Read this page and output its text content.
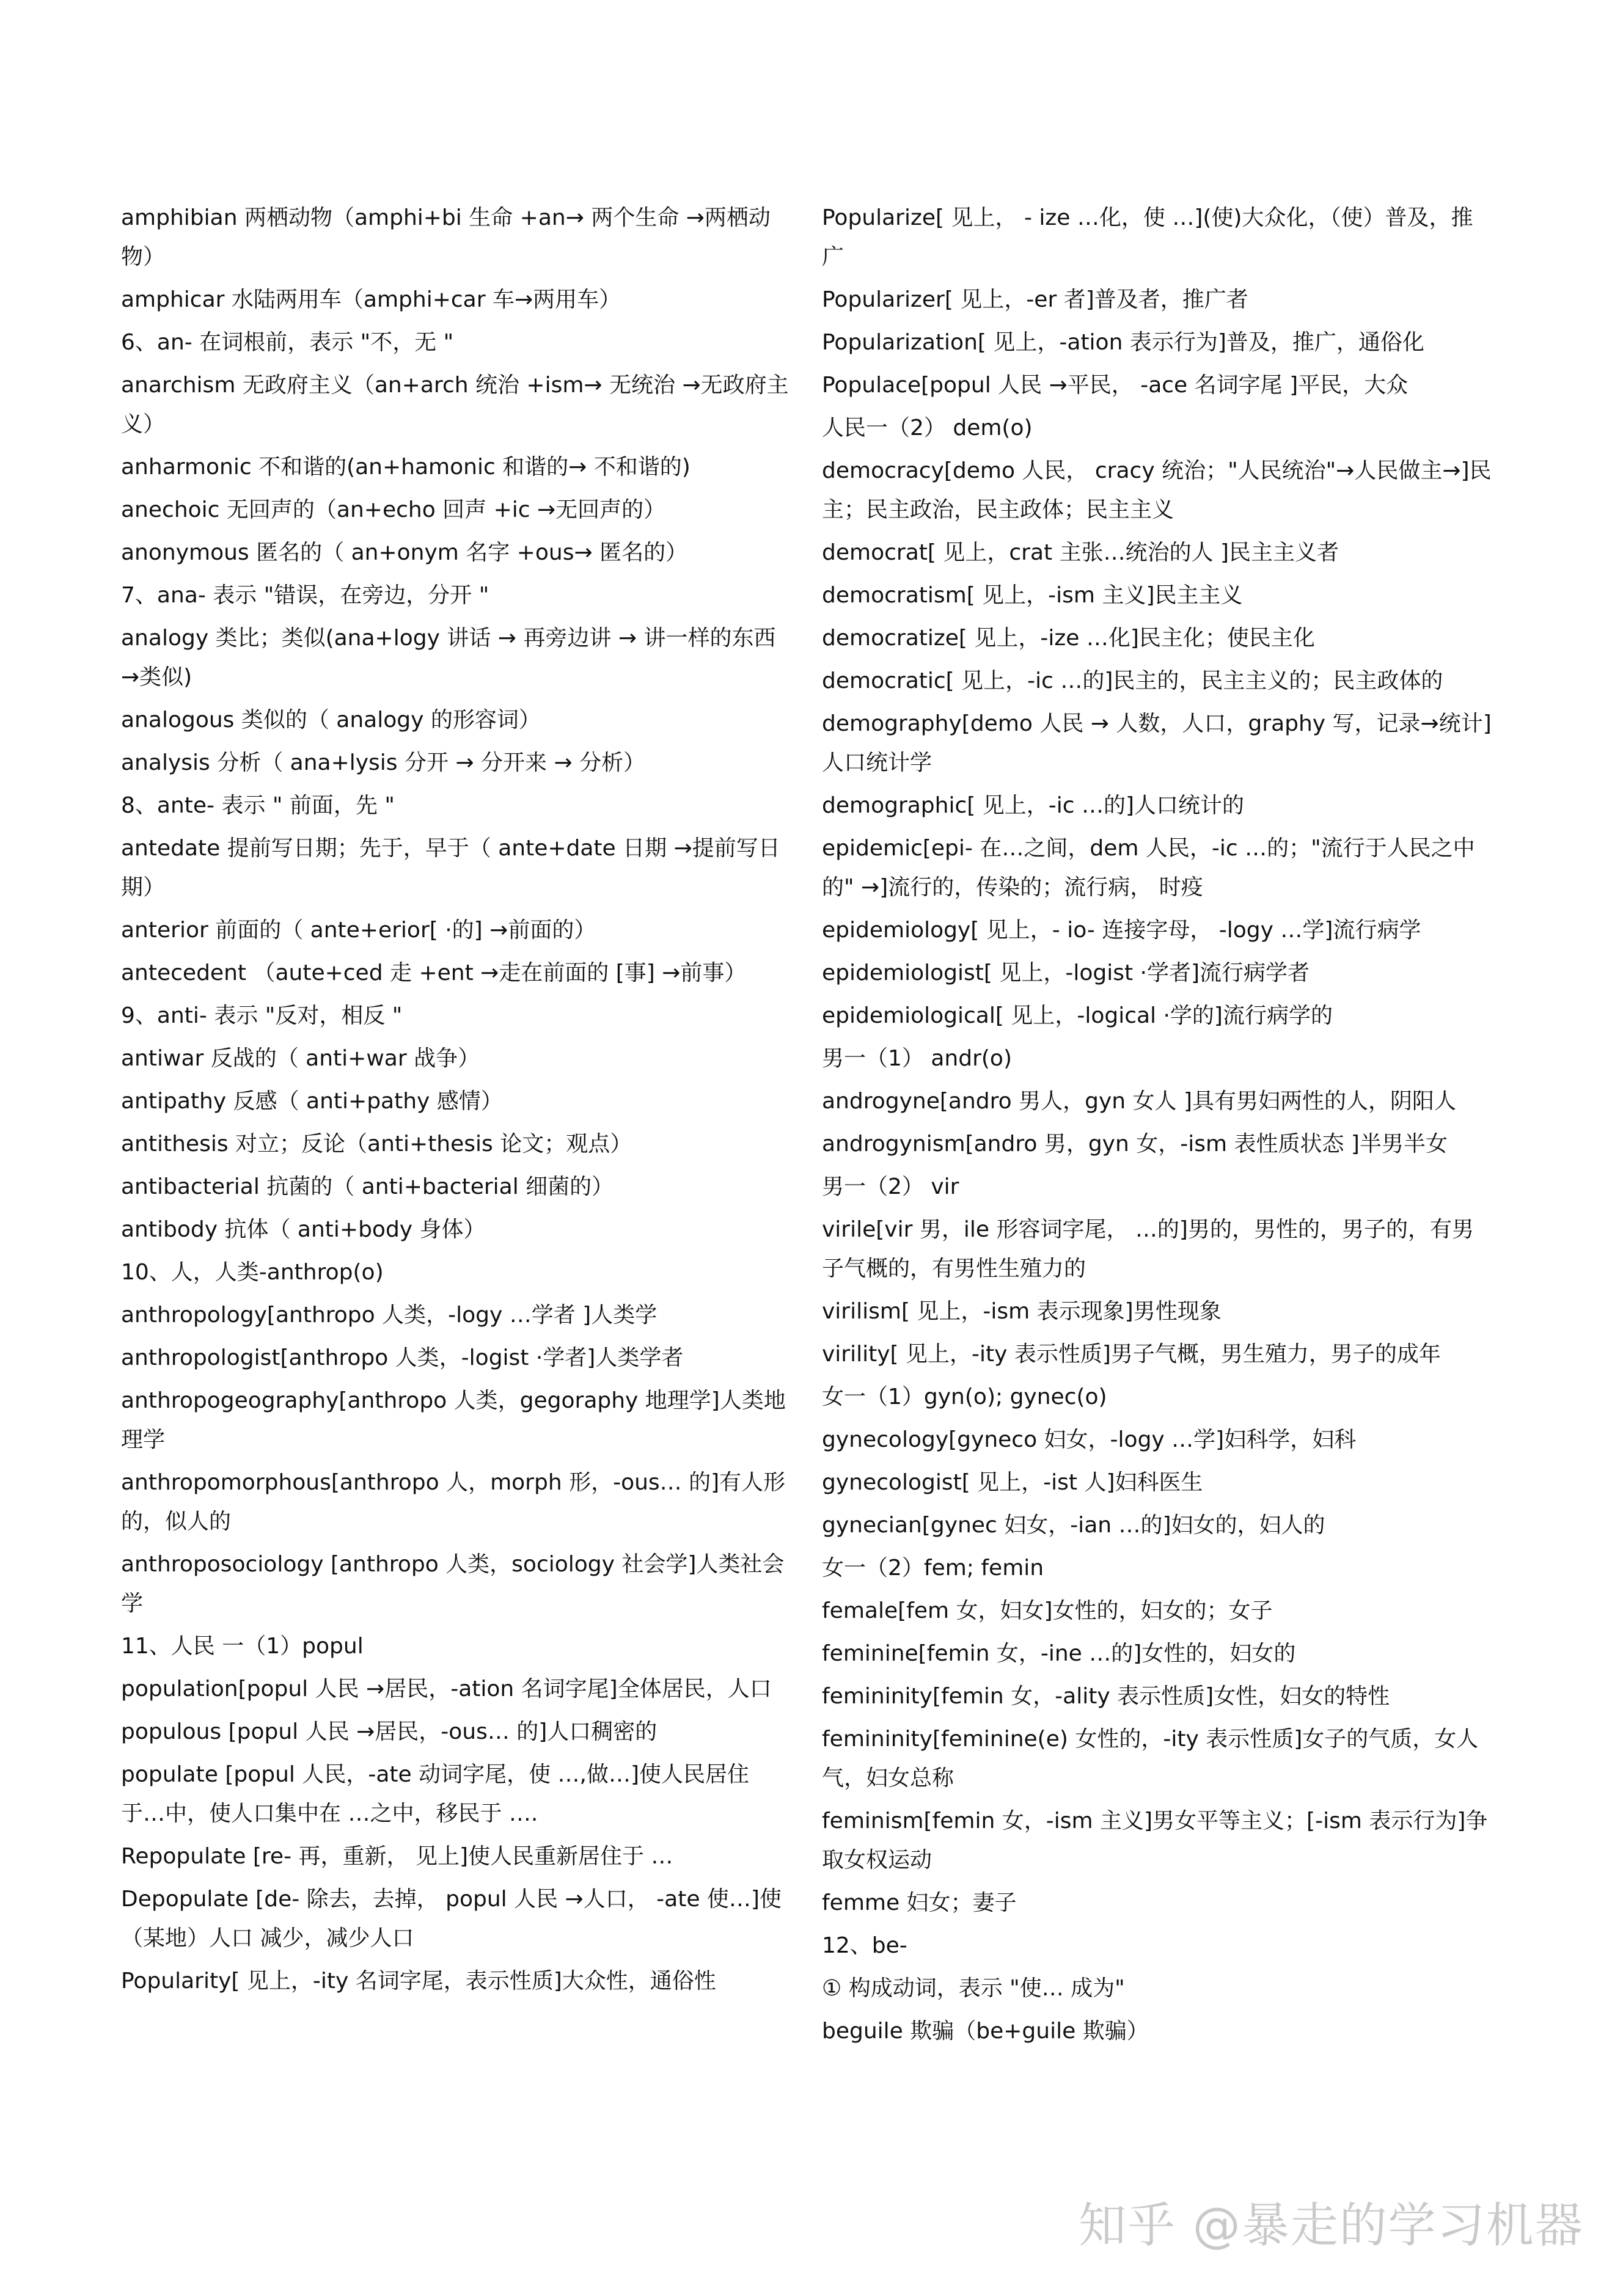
amphibian 两栖动物（amphi+bi 生命 +an→ 两个生命 →两栖动物）
amphicar 水陆两用车（amphi+car 车→两用车）
6、an- 在词根前，表示 "不，无 "
anarchism 无政府主义（an+arch 统治 +ism→ 无统治 →无政府主义）
anharmonic 不和谐的(an+hamonic 和谐的→ 不和谐的)
anechoic 无回声的（an+echo 回声 +ic →无回声的）
anonymous 匿名的（ an+onym 名字 +ous→ 匿名的）
7、ana- 表示 "错误，在旁边，分开 "
analogy 类比；类似(ana+logy 讲话 → 再旁边讲 → 讲一样的东西 →类似)
analogous 类似的（ analogy 的形容词）
analysis 分析（ ana+lysis 分开 → 分开来 → 分析）
8、ante- 表示 " 前面，先 "
antedate 提前写日期；先于，早于（ ante+date 日期 →提前写日期）
anterior 前面的（ ante+erior[ ·的] →前面的）
antecedent （aute+ced 走 +ent →走在前面的 [事] →前事）
9、anti- 表示 "反对，相反 "
antiwar 反战的（ anti+war 战争）
antipathy 反感（ anti+pathy 感情）
antithesis 对立；反论（anti+thesis 论文；观点）
antibacterial 抗菌的（ anti+bacterial 细菌的）
antibody 抗体（ anti+body 身体）
10、人，人类-anthrop(o)
anthropology[anthropo 人类，-logy …学者 ]人类学
anthropologist[anthropo 人类，-logist ·学者]人类学者
anthropogeography[anthropo 人类，gegoraphy 地理学]人类地理学
anthropomorphous[anthropo 人，morph 形，-ous… 的]有人形的，似人的
anthroposociology [anthropo 人类，sociology 社会学]人类社会学
11、人民 一（1）popul
population[popul 人民 →居民，-ation 名词字尾]全体居民，人口
populous [popul 人民 →居民，-ous… 的]人口稠密的
populate [popul 人民，-ate 动词字尾，使 …,做…]使人民居住于…中，使人口集中在 …之中，移民于 ….
Repopulate [re- 再，重新， 见上]使人民重新居住于 …
Depopulate [de- 除去，去掉， popul 人民 →人口， -ate 使…]使（某地）人口 减少，减少人口
Popularity[ 见上，-ity 名词字尾，表示性质]大众性，通俗性
Popularize[ 见上， - ize …化，使 …](使)大众化，（使）普及，推广
Popularizer[ 见上，-er 者]普及者，推广者
Popularization[ 见上，-ation 表示行为]普及，推广，通俗化
Populace[popul 人民 →平民， -ace 名词字尾 ]平民，大众
人民一（2） dem(o)
democracy[demo 人民， cracy 统治；"人民统治"→人民做主→]民主；民主政治，民主政体；民主主义
democrat[ 见上，crat 主张…统治的人 ]民主主义者
democratism[ 见上，-ism 主义]民主主义
democratize[ 见上，-ize …化]民主化；使民主化
democratic[ 见上，-ic …的]民主的，民主主义的；民主政体的
demography[demo 人民 → 人数，人口，graphy 写，记录→统计]人口统计学
demographic[ 见上，-ic …的]人口统计的
epidemic[epi- 在…之间，dem 人民，-ic …的；"流行于人民之中的" →]流行的，传染的；流行病， 时疫
epidemiology[ 见上，- io- 连接字母， -logy …学]流行病学
epidemiologist[ 见上，-logist ·学者]流行病学者
epidemiological[ 见上，-logical ·学的]流行病学的
男一（1） andr(o)
androgyne[andro 男人，gyn 女人 ]具有男妇两性的人，阴阳人
androgynism[andro 男，gyn 女，-ism 表性质状态 ]半男半女
男一（2） vir
virile[vir 男，ile 形容词字尾， …的]男的，男性的，男子的，有男子气概的，有男性生殖力的
virilism[ 见上，-ism 表示现象]男性现象
virility[ 见上，-ity 表示性质]男子气概，男生殖力，男子的成年
女一（1）gyn(o); gynec(o)
gynecology[gyneco 妇女，-logy …学]妇科学，妇科
gynecologist[ 见上，-ist 人]妇科医生
gynecian[gynec 妇女，-ian …的]妇女的，妇人的
女一（2）fem; femin
female[fem 女，妇女]女性的，妇女的；女子
feminine[femin 女，-ine …的]女性的，妇女的
femininity[femin 女，-ality 表示性质]女性，妇女的特性
femininity[feminine(e) 女性的，-ity 表示性质]女子的气质，女人气，妇女总称
feminism[femin 女，-ism 主义]男女平等主义；[-ism 表示行为]争取女权运动
femme 妇女；妻子
12、be-
① 构成动词，表示 "使… 成为"
beguile 欺骗（be+guile 欺骗）
知乎 @暴走的学习机器
